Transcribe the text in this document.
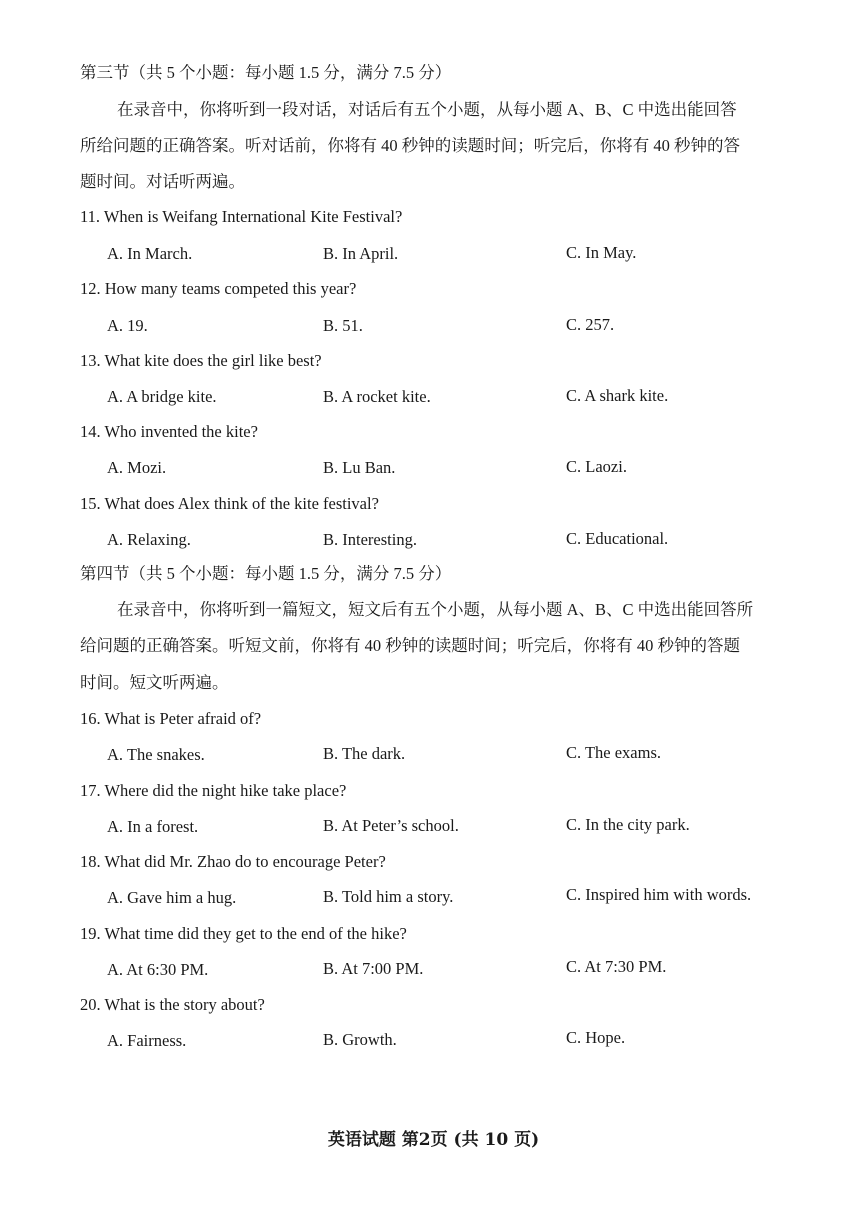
第三节（共 5 个小题：每小题 1.5 分，满分 7.5 分）
在录音中，你将听到一段对话，对话后有五个小题，从每小题 A、B、C 中选出能回答
所给问题的正确答案。听对话前，你将有 40 秒钟的读题时间；听完后，你将有 40 秒钟的答
题时间。对话听两遍。
11. When is Weifang International Kite Festival?
A. In March.	B. In April.	C. In May.
12. How many teams competed this year?
A. 19.	B. 51.	C. 257.
13. What kite does the girl like best?
A. A bridge kite.	B. A rocket kite.	C. A shark kite.
14. Who invented the kite?
A. Mozi.	B. Lu Ban.	C. Laozi.
15. What does Alex think of the kite festival?
A. Relaxing.	B. Interesting.	C. Educational.
第四节（共 5 个小题：每小题 1.5 分，满分 7.5 分）
在录音中，你将听到一篇短文，短文后有五个小题，从每小题 A、B、C 中选出能回答所
给问题的正确答案。听短文前，你将有 40 秒钟的读题时间；听完后，你将有 40 秒钟的答题
时间。短文听两遍。
16. What is Peter afraid of?
A. The snakes.	B. The dark.	C. The exams.
17. Where did the night hike take place?
A. In a forest.	B. At Peter’s school.	C. In the city park.
18. What did Mr. Zhao do to encourage Peter?
A. Gave him a hug.	B. Told him a story.	C. Inspired him with words.
19. What time did they get to the end of the hike?
A. At 6:30 PM.	B. At 7:00 PM.	C. At 7:30 PM.
20. What is the story about?
A. Fairness.	B. Growth.	C. Hope.
英语试题 第2页 (共 10 页)
